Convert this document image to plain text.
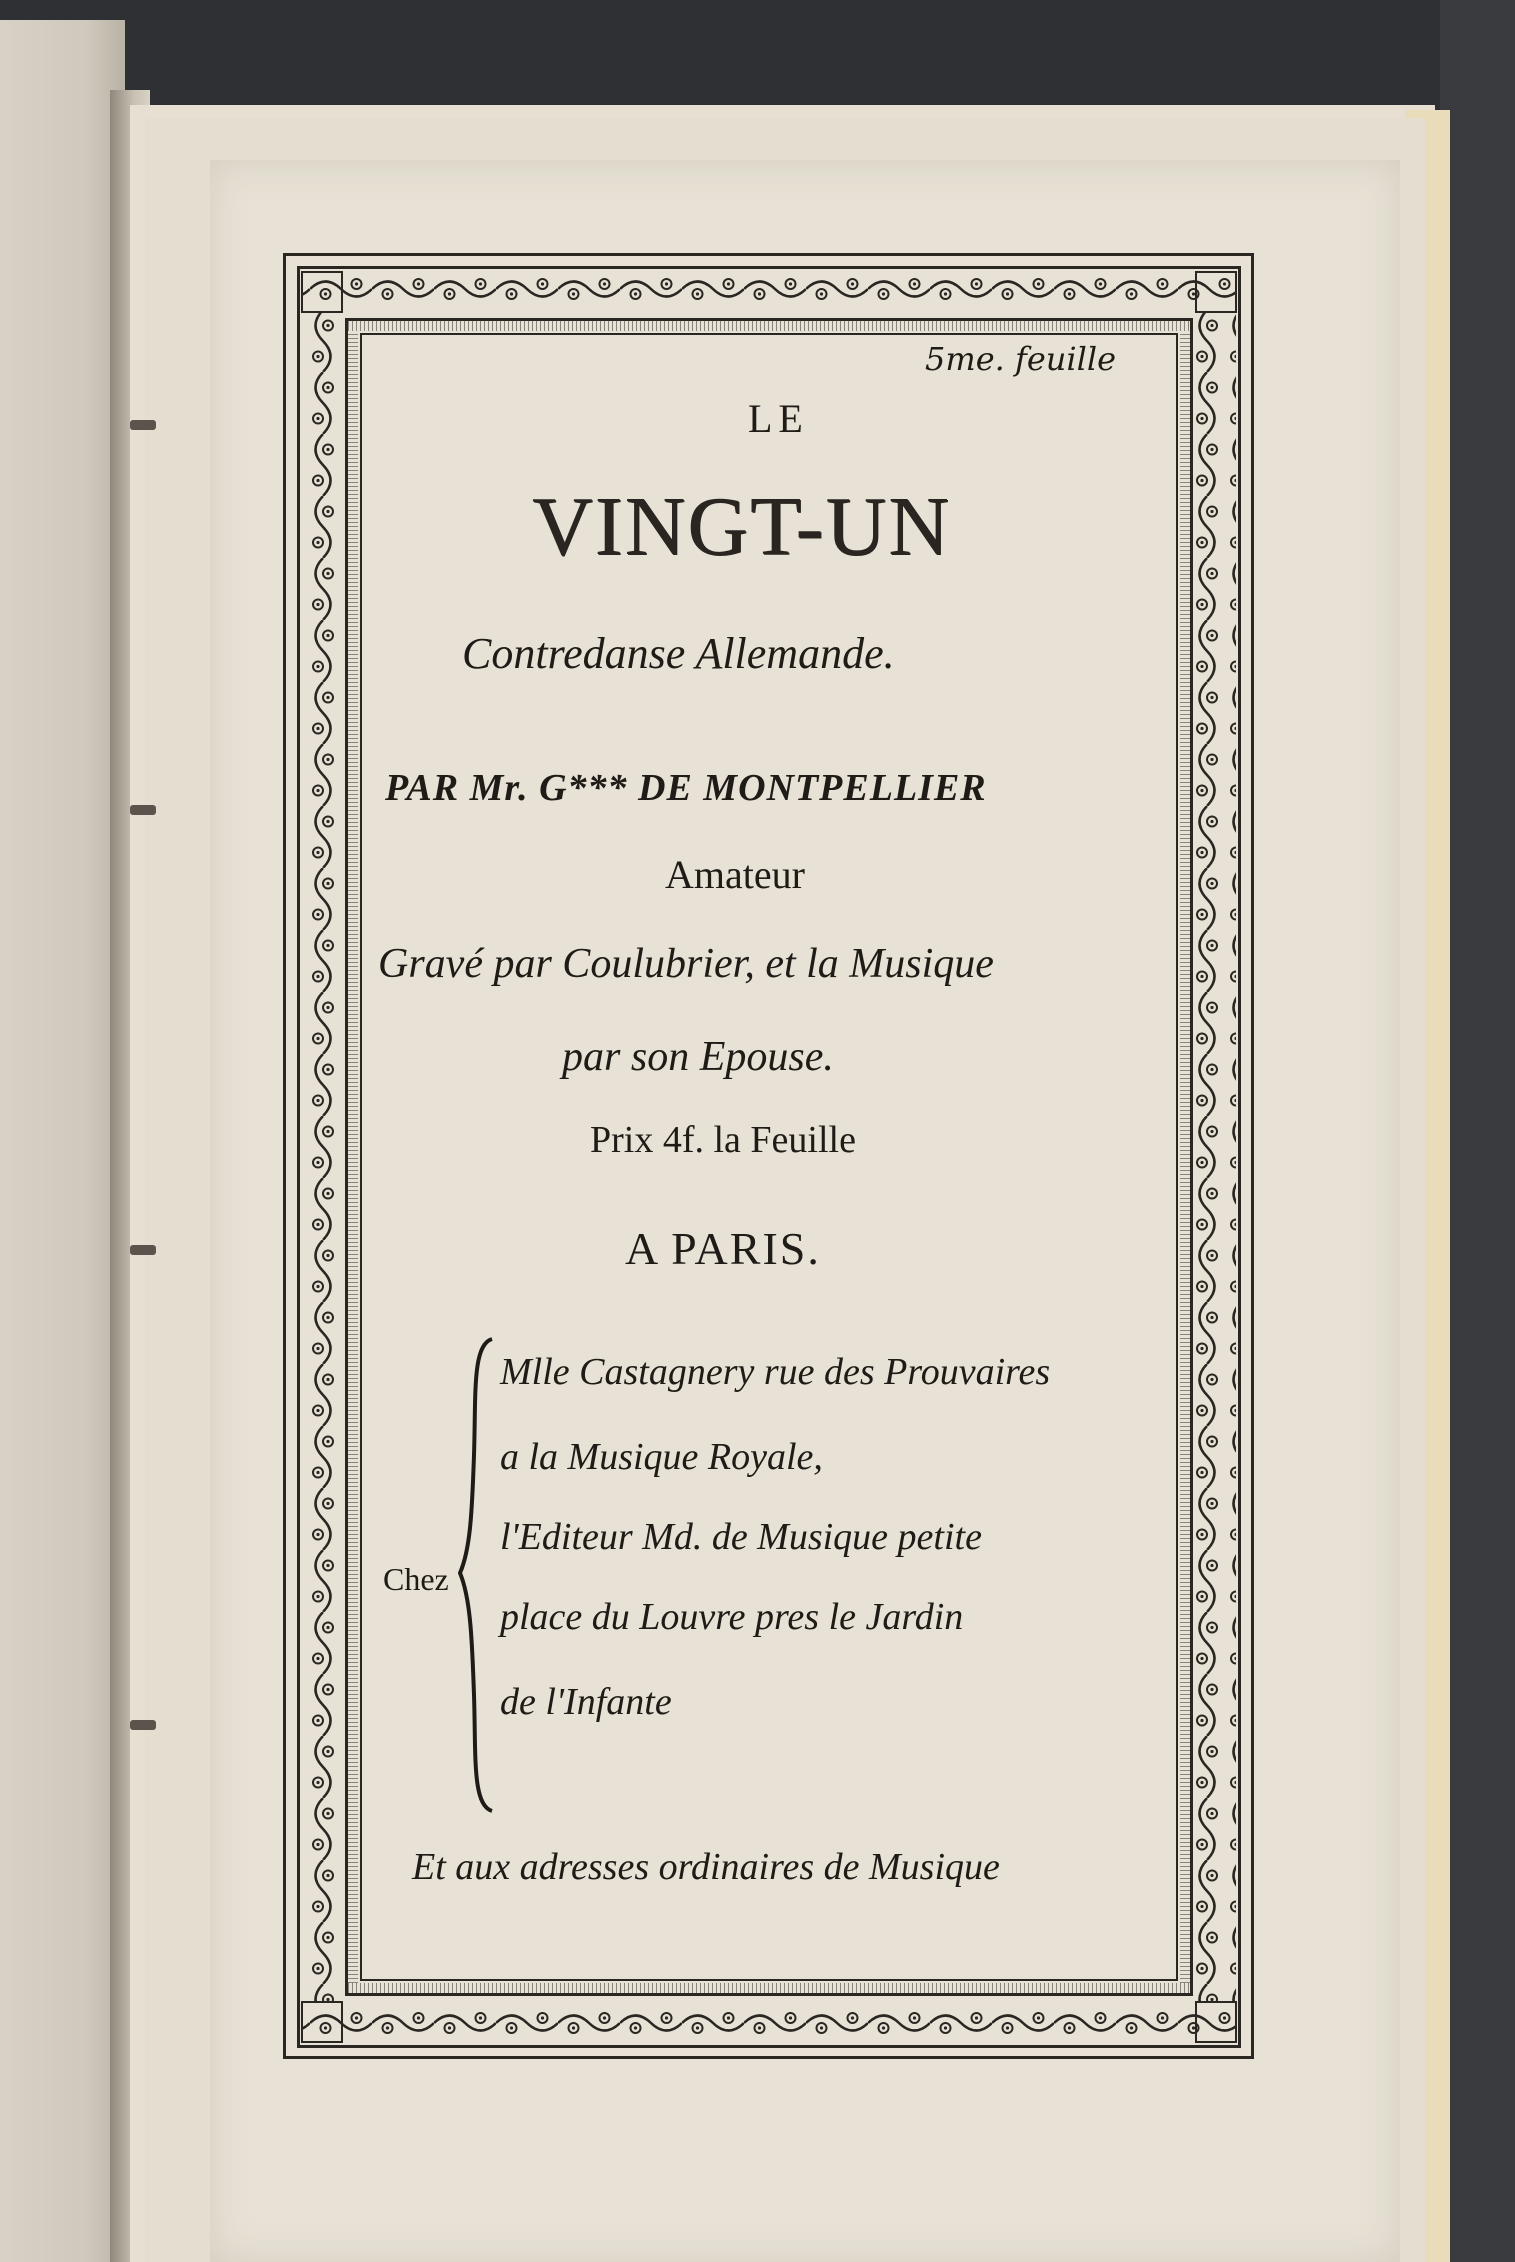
5me. feuille
LE
VINGT-UN
Contredanse Allemande.
PAR Mr. G*** DE MONTPELLIER
Amateur
Gravé par Coulubrier, et la Musique
par son Epouse.
Prix 4f. la Feuille
A PARIS.
Chez
Mlle Castagnery rue des Prouvaires
a la Musique Royale,
l'Editeur Md. de Musique petite
place du Louvre pres le Jardin
de l'Infante
Et aux adresses ordinaires de Musique
